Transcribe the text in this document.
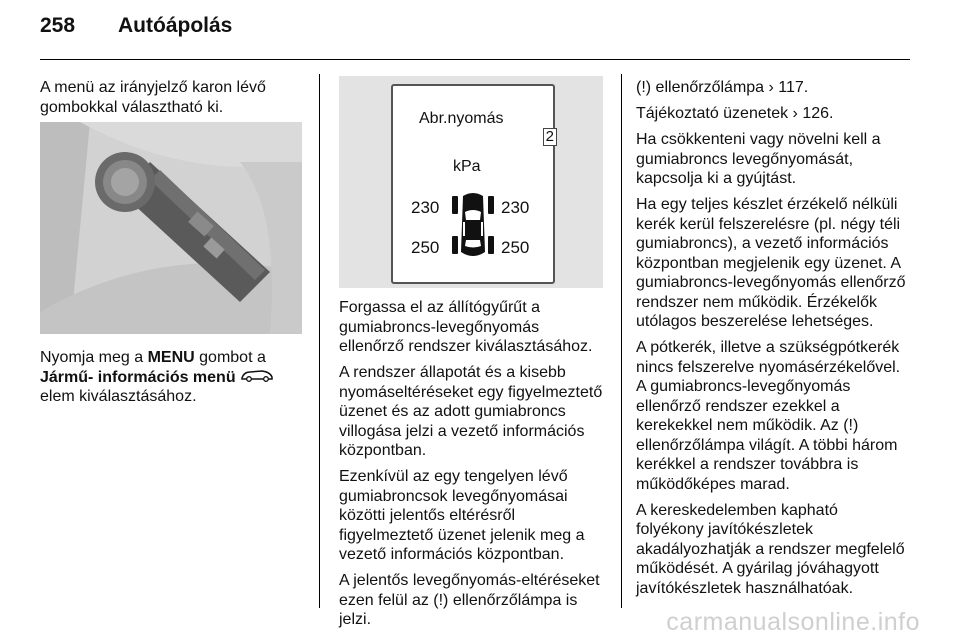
258 Autóápolás

A menü az irányjelző karon lévő gombokkal választható ki.

Nyomja meg a MENU gombot a Jármű- információs menü  elem kiválasztásához.

Abr.nyomás
2
kPa
230	230
250	250

Forgassa el az állítógyűrűt a gumiabroncs-levegőnyomás ellenőrző rendszer kiválasztásához.

A rendszer állapotát és a kisebb nyomáseltéréseket egy figyelmeztető üzenet és az adott gumiabroncs villogása jelzi a vezető információs központban.

Ezenkívül az egy tengelyen lévő gumiabroncsok levegőnyomásai közötti jelentős eltérésről figyelmeztető üzenet jelenik meg a vezető információs központban.

A jelentős levegőnyomás-eltéréseket ezen felül az (!) ellenőrzőlámpa is jelzi.

(!) ellenőrzőlámpa › 117.

Tájékoztató üzenetek › 126.

Ha csökkenteni vagy növelni kell a gumiabroncs levegőnyomását, kapcsolja ki a gyújtást.

Ha egy teljes készlet érzékelő nélküli kerék kerül felszerelésre (pl. négy téli gumiabroncs), a vezető információs központban megjelenik egy üzenet. A gumiabroncs-levegőnyomás ellenőrző rendszer nem működik. Érzékelők utólagos beszerelése lehetséges.

A pótkerék, illetve a szükségpótkerék nincs felszerelve nyomásérzékelővel. A gumiabroncs-levegőnyomás ellenőrző rendszer ezekkel a kerekekkel nem működik. Az (!) ellenőrzőlámpa világít. A többi három kerékkel a rendszer továbbra is működőképes marad.

A kereskedelemben kapható folyékony javítókészletek akadályozhatják a rendszer megfelelő működését. A gyárilag jóváhagyott javítókészletek használhatóak.

carmanualsonline.info
